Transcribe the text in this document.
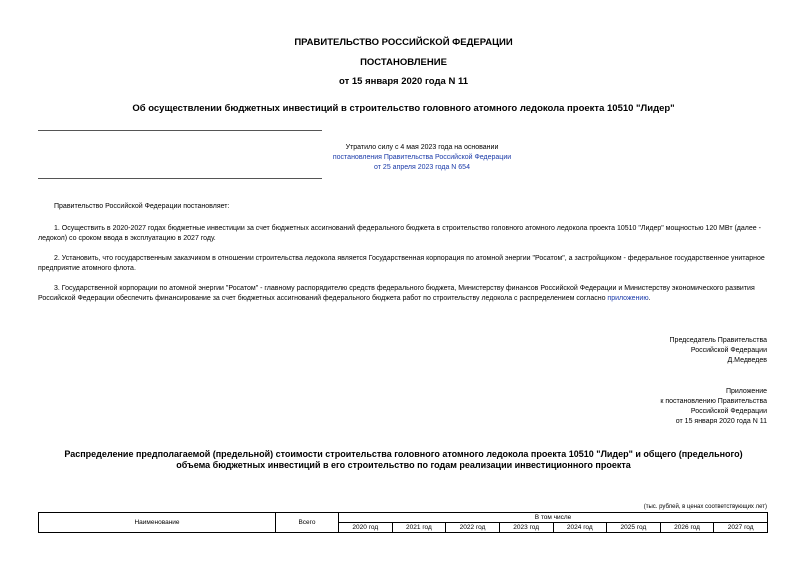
ПРАВИТЕЛЬСТВО РОССИЙСКОЙ ФЕДЕРАЦИИ
ПОСТАНОВЛЕНИЕ
от 15 января 2020 года N 11
Об осуществлении бюджетных инвестиций в строительство головного атомного ледокола проекта 10510 "Лидер"
Утратило силу с 4 мая 2023 года на основании
постановления Правительства Российской Федерации
от 25 апреля 2023 года N 654
Правительство Российской Федерации постановляет:
1. Осуществить в 2020-2027 годах бюджетные инвестиции за счет бюджетных ассигнований федерального бюджета в строительство головного атомного ледокола проекта 10510 "Лидер" мощностью 120 МВт (далее - ледокол) со сроком ввода в эксплуатацию в 2027 году.
2. Установить, что государственным заказчиком в отношении строительства ледокола является Государственная корпорация по атомной энергии "Росатом", а застройщиком - федеральное государственное унитарное предприятие атомного флота.
3. Государственной корпорации по атомной энергии "Росатом" - главному распорядителю средств федерального бюджета, Министерству финансов Российской Федерации и Министерству экономического развития Российской Федерации обеспечить финансирование за счет бюджетных ассигнований федерального бюджета работ по строительству ледокола с распределением согласно приложению.
Председатель Правительства
Российской Федерации
Д.Медведев
Приложение
к постановлению Правительства
Российской Федерации
от 15 января 2020 года N 11
Распределение предполагаемой (предельной) стоимости строительства головного атомного ледокола проекта 10510 "Лидер" и общего (предельного) объема бюджетных инвестиций в его строительство по годам реализации инвестиционного проекта
(тыс. рублей, в ценах соответствующих лет)
Наименование	Всего	В том числе							
		2020 год	2021 год	2022 год	2023 год	2024 год	2025 год	2026 год	2027 год
